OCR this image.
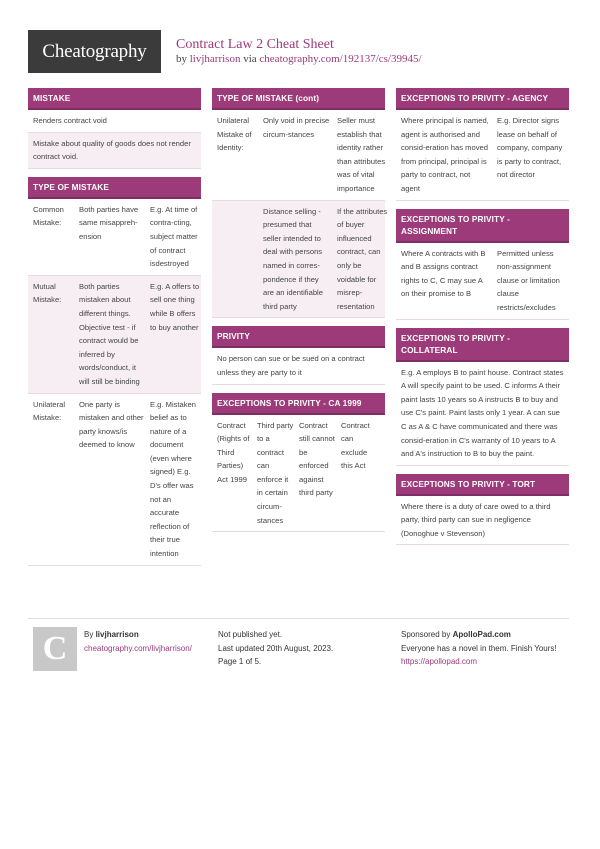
Cheatography Contract Law 2 Cheat Sheet
by livjharrison via cheatography.com/192137/cs/39945/
MISTAKE
Renders contract void
Mistake about quality of goods does not render contract void.
TYPE OF MISTAKE
Common Mistake:
Both parties have same misappreh-ension
E.g. At time of contra-cting, subject matter of contract isdestroyed
Mutual Mistake:
Both parties mistaken about different things. Objective test - if contract would be inferred by words/conduct, it will still be binding
E.g. A offers to sell one thing while B offers to buy another
Unilateral Mistake:
One party is mistaken and other party knows/is deemed to know
E.g. Mistaken belief as to nature of a document (even where signed) E.g. D's offer was not an accurate reflection of their true intention
TYPE OF MISTAKE (cont)
Unilateral Mistake of Identity:
Only void in precise circum-stances
Seller must establish that identity rather than attributes was of vital importance
Distance selling - presumed that seller intended to deal with persons named in corres-pondence if they are an identifiable third party
If the attributes of buyer influenced contract, can only be voidable for misrep-resentation
PRIVITY
No person can sue or be sued on a contract unless they are party to it
EXCEPTIONS TO PRIVITY - CA 1999
Contract (Rights of Third Parties) Act 1999
Third party to a contract can enforce it in certain circum-stances
Contract still cannot be enforced against third party
Contract can exclude this Act
EXCEPTIONS TO PRIVITY - AGENCY
Where principal is named, agent is authorised and consid-eration has moved from principal, principal is party to contract, not agent
E.g. Director signs lease on behalf of company, company is party to contract, not director
EXCEPTIONS TO PRIVITY - ASSIGNMENT
Where A contracts with B and B assigns contract rights to C, C may sue A on their promise to B
Permitted unless non-assignment clause or limitation clause restricts/excludes
EXCEPTIONS TO PRIVITY - COLLATERAL
E.g. A employs B to paint house. Contract states A will specify paint to be used. C informs A their paint lasts 10 years so A instructs B to buy and use C's paint. Paint lasts only 1 year. A can sue C as A & C have communicated and there was consid-eration in C's warranty of 10 years to A and A's instruction to B to buy the paint.
EXCEPTIONS TO PRIVITY - TORT
Where there is a duty of care owed to a third party, third party can sue in negligence (Donoghue v Stevenson)
C By livjharrison
cheatography.com/livjharrison/
Not published yet.
Last updated 20th August, 2023.
Page 1 of 5.
Sponsored by ApolloPad.com
Everyone has a novel in them. Finish Yours!
https://apollopad.com
